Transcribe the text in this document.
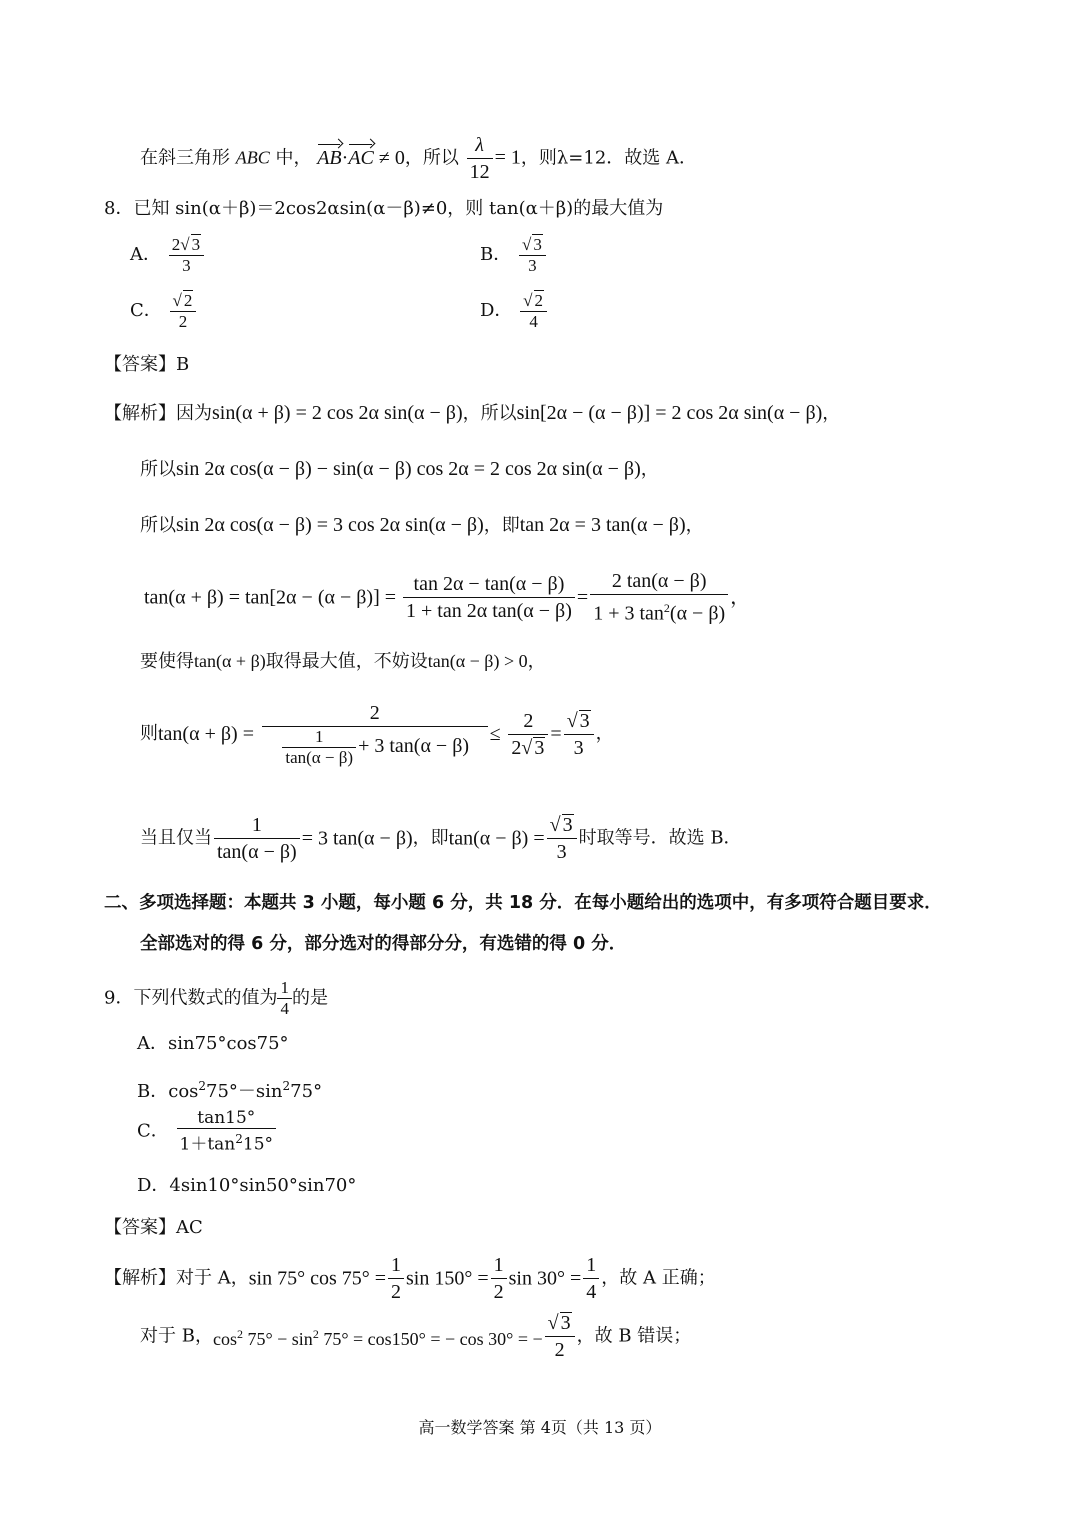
在斜三角形 ABC 中， AB·AC ≠ 0，所以 $\frac{\lambda}{12} = 1$，则λ=12．故选 A．
8．已知 sin(α＋β)＝2cos2αsin(α－β)≠0，则 tan(α＋β)的最大值为
A． $\frac{2√ 3}{3}$	B． $\frac{√ 3}{3}$
C． $\frac{√ 2}{2}$	D． $\frac{√ 2}{4}$
【答案】B
【解析】因为sin(α + β) = 2 cos 2α sin(α − β)，所以sin[2α − (α − β)] = 2 cos 2α sin(α − β)，
所以sin 2α cos(α − β) − sin(α − β) cos 2α = 2 cos 2α sin(α − β)，
所以sin 2α cos(α − β) = 3 cos 2α sin(α − β)，即tan 2α = 3 tan(α − β)，
$\tan(\alpha + \beta) = \tan[2\alpha - (\alpha - \beta)] = \frac{\tan 2\alpha - \tan(\alpha - \beta)}{\text{1 + tan 2α tan(α − β)}} = \frac{2 \tan(\alpha - \beta)}{1 + 3 \tan^2(\alpha - \beta)}$ ，
要使得tan(α + β)取得最大值，不妨设tan(α − β) > 0，
则$\tan(\alpha + \beta) = \frac{2}{\frac{1}{\tan(\alpha - \beta)} + 3 \tan(\alpha - \beta)} \le \frac{2}{2√ 3} = \frac{√ 3}{3}$ ，
当且仅当 $\frac{1}{\tan(\alpha - \beta)} = 3$ tan(α − β)，即$\tan(\alpha - \beta) = \frac{√ 3}{3}$ 时取等号．故选 B．
二、多项选择题：本题共 3 小题，每小题 6 分，共 18 分．在每小题给出的选项中，有多项符合题目要求．
全部选对的得 6 分，部分选对的得部分分，有选错的得 0 分．
9．下列代数式的值为 $\frac{1}{4}$ 的是
A．sin75°cos75°
B．$\cos^275^\circ-\sin^275^\circ$
C． $\frac{\tan 15^\circ}{1+\tan^215^\circ}$
D．4sin10°sin50°sin70°
【答案】AC
【解析】对于 A，sin 75° $\cos 75^\circ = \frac{1}{2}$ $\sin 150^\circ = \frac{1}{2}$ $\sin 30^\circ = \frac{1}{4}$ ，故 A 正确；
对于 B，$\cos^2 75^\circ - \sin^2 75^\circ = \cos 150^\circ$ = − cos 30° = − $\frac{√ 3}{2}$ ，故 B 错误；
高一数学答案 第 4页（共 13 页）
